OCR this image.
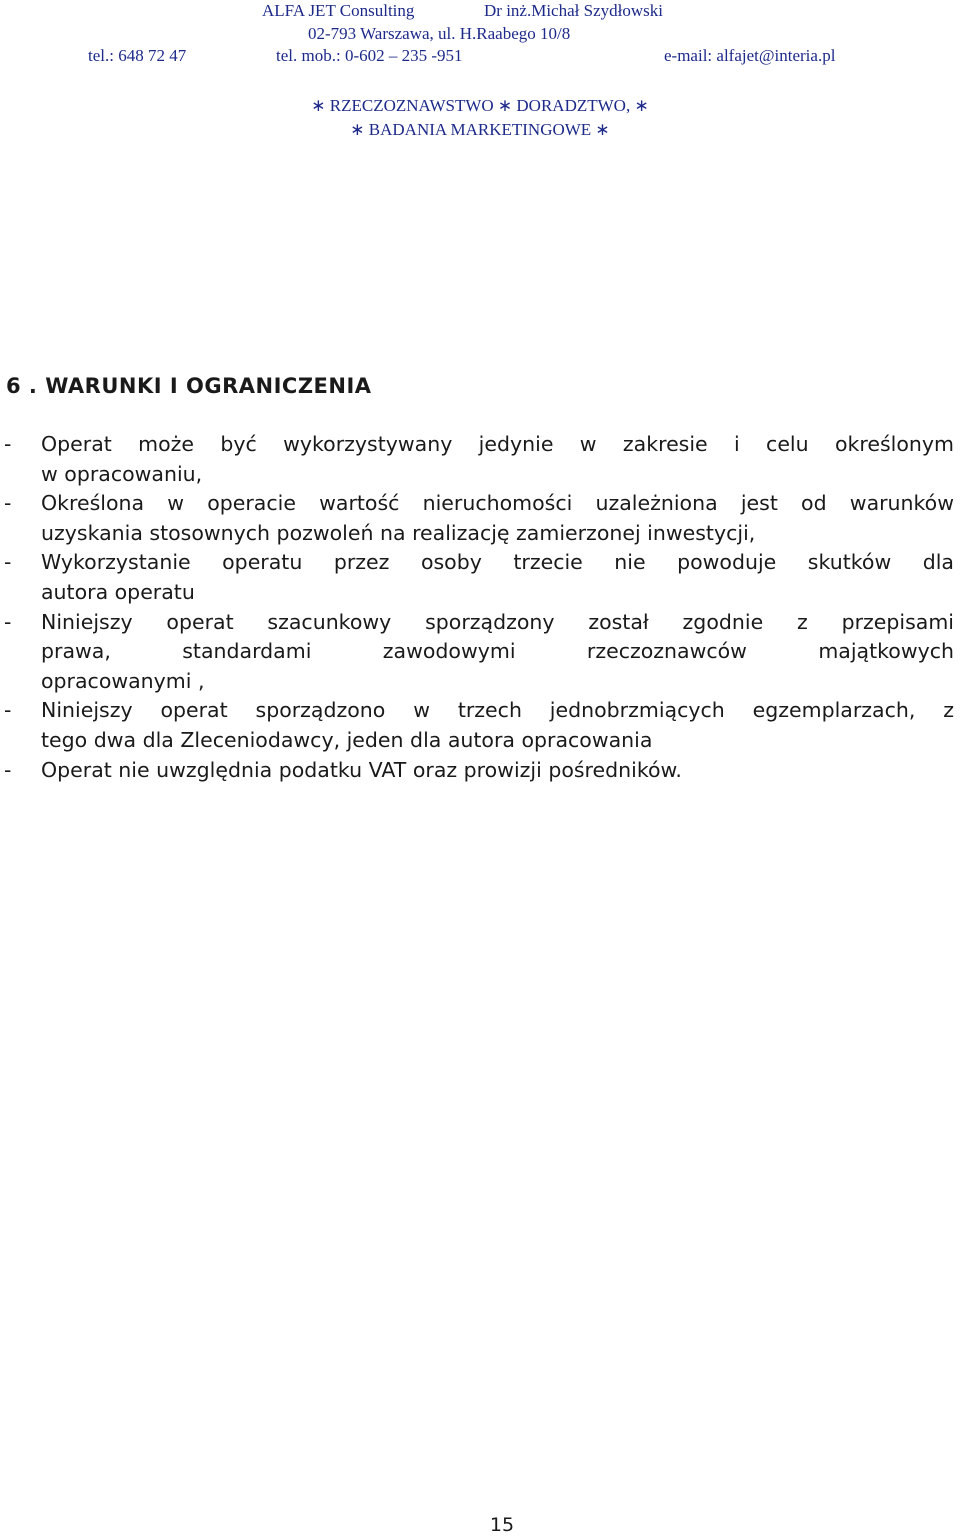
ALFA JET Consulting	Dr inż.Michał Szydłowski
02-793 Warszawa, ul. H.Raabego 10/8
tel.: 648 72 47	tel. mob.: 0-602 – 235 -951	e-mail: alfajet@interia.pl
∗ RZECZOZNAWSTWO ∗ DORADZTWO, ∗
∗ BADANIA MARKETINGOWE ∗
6 . WARUNKI I OGRANICZENIA
- Operat może być wykorzystywany jedynie w zakresie i celu określonym
w opracowaniu,
- Określona w operacie wartość nieruchomości uzależniona jest od warunków
uzyskania stosownych pozwoleń na realizację zamierzonej inwestycji,
- Wykorzystanie operatu przez osoby trzecie nie powoduje skutków dla
autora operatu
- Niniejszy operat szacunkowy sporządzony został zgodnie z przepisami
prawa, standardami zawodowymi rzeczoznawców majątkowych
opracowanymi ,
- Niniejszy operat sporządzono w trzech jednobrzmiących egzemplarzach, z
tego dwa dla Zleceniodawcy, jeden dla autora opracowania
- Operat nie uwzględnia podatku VAT oraz prowizji pośredników.
15
